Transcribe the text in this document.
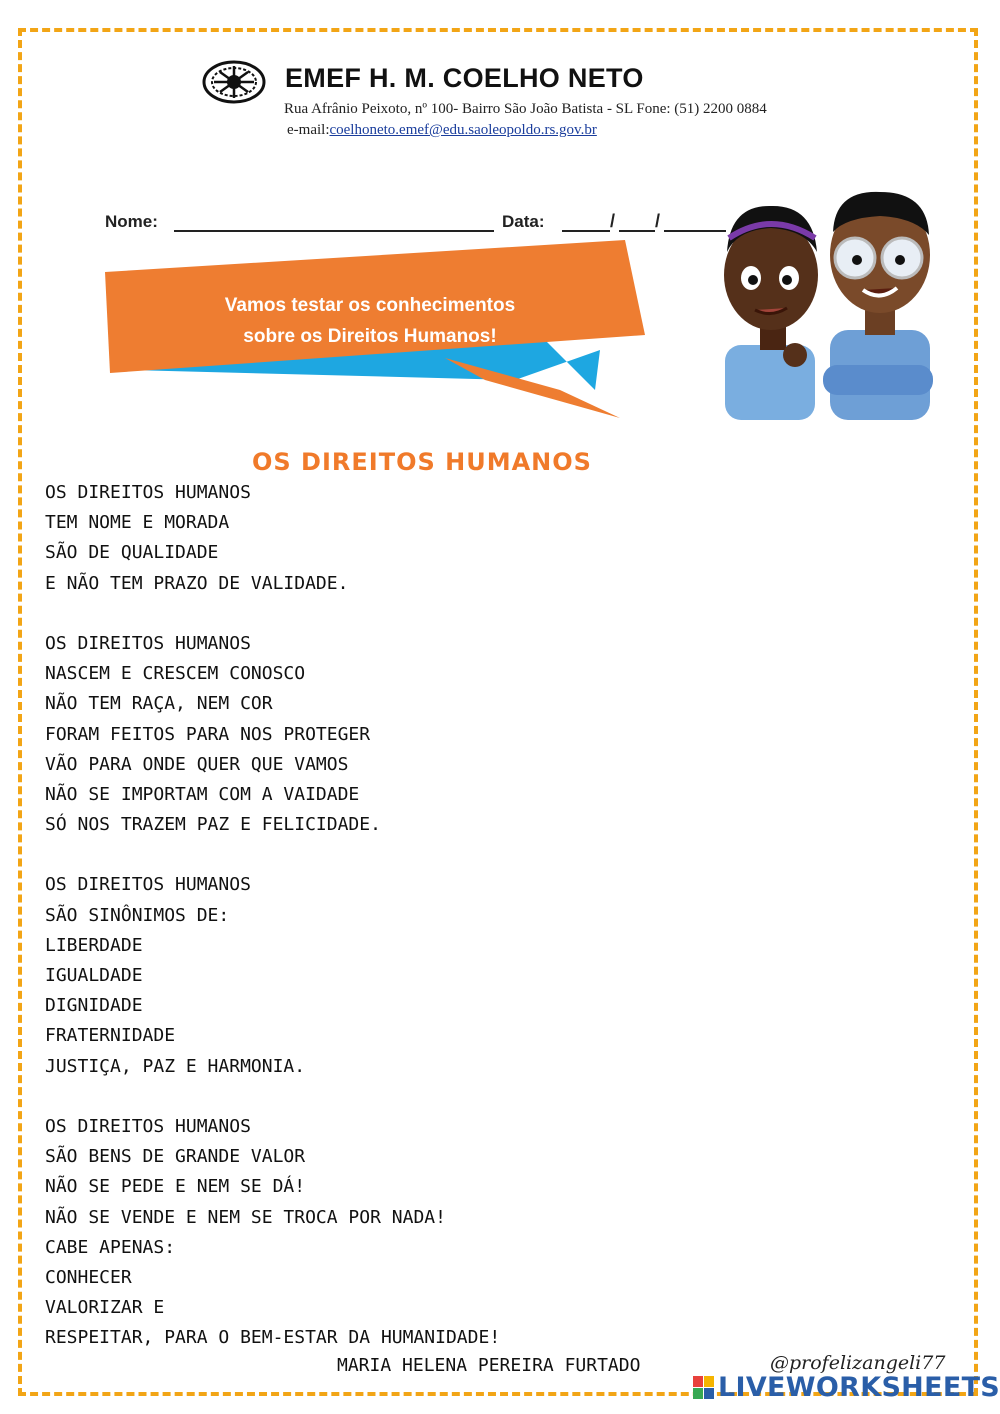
EMEF H. M. COELHO NETO
Rua Afrânio Peixoto, nº 100- Bairro São João Batista - SL Fone: (51) 2200 0884
e-mail:coelhoneto.emef@edu.saoleopoldo.rs.gov.br
Nome:	Data:	/ /
Vamos testar os conhecimentos
sobre os Direitos Humanos!
OS DIREITOS HUMANOS
OS DIREITOS HUMANOS
TEM NOME E MORADA
SÃO DE QUALIDADE
E NÃO TEM PRAZO DE VALIDADE.
OS DIREITOS HUMANOS
NASCEM E CRESCEM CONOSCO
NÃO TEM RAÇA, NEM COR
FORAM FEITOS PARA NOS PROTEGER
VÃO PARA ONDE QUER QUE VAMOS
NÃO SE IMPORTAM COM A VAIDADE
SÓ NOS TRAZEM PAZ E FELICIDADE.
OS DIREITOS HUMANOS
SÃO SINÔNIMOS DE:
LIBERDADE
IGUALDADE
DIGNIDADE
FRATERNIDADE
JUSTIÇA, PAZ E HARMONIA.
OS DIREITOS HUMANOS
SÃO BENS DE GRANDE VALOR
NÃO SE PEDE E NEM SE DÁ!
NÃO SE VENDE E NEM SE TROCA POR NADA!
CABE APENAS:
CONHECER
VALORIZAR E
RESPEITAR, PARA O BEM-ESTAR DA HUMANIDADE!
MARIA HELENA PEREIRA FURTADO	@profelizangeli77
LIVEWORKSHEETS
